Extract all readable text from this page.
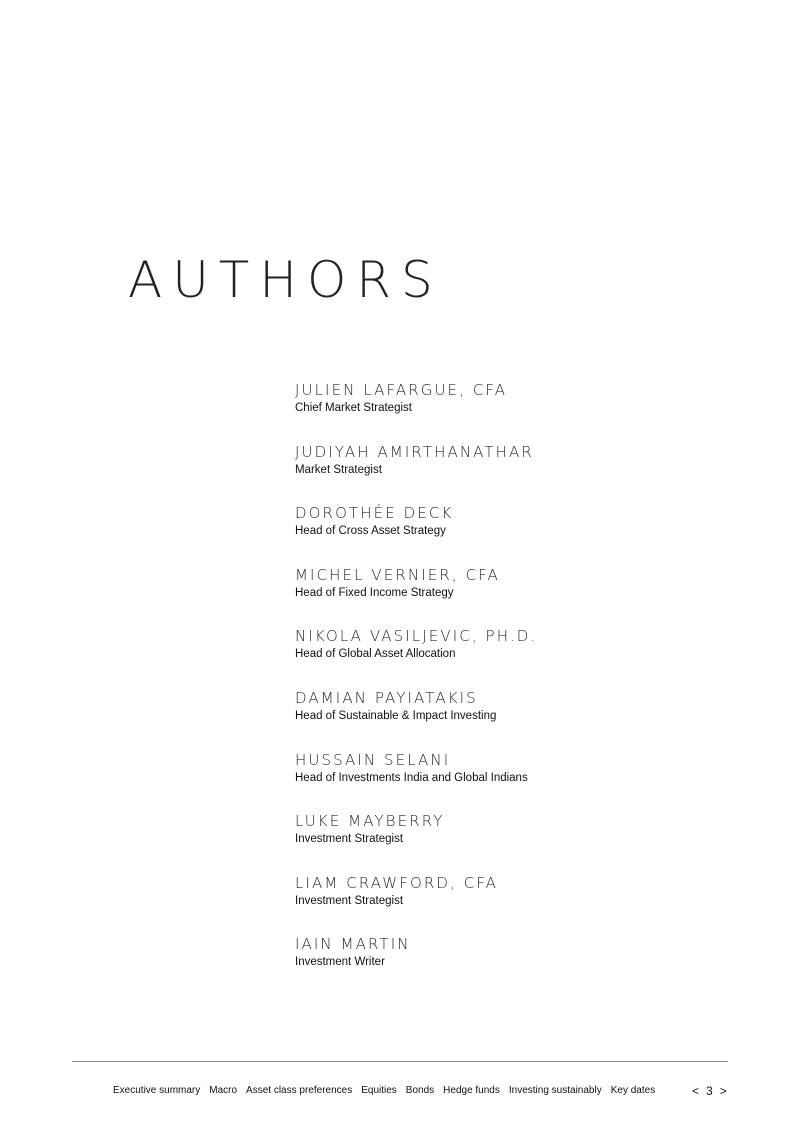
AUTHORS
JULIEN LAFARGUE, CFA
Chief Market Strategist
JUDIYAH AMIRTHANATHAR
Market Strategist
DOROTHÉE DECK
Head of Cross Asset Strategy
MICHEL VERNIER, CFA
Head of Fixed Income Strategy
NIKOLA VASILJEVIC, PH.D.
Head of Global Asset Allocation
DAMIAN PAYIATAKIS
Head of Sustainable & Impact Investing
HUSSAIN SELANI
Head of Investments India and Global Indians
LUKE MAYBERRY
Investment Strategist
LIAM CRAWFORD, CFA
Investment Strategist
IAIN MARTIN
Investment Writer
Executive summary Macro Asset class preferences Equities Bonds Hedge funds Investing sustainably Key dates	< 3 >
